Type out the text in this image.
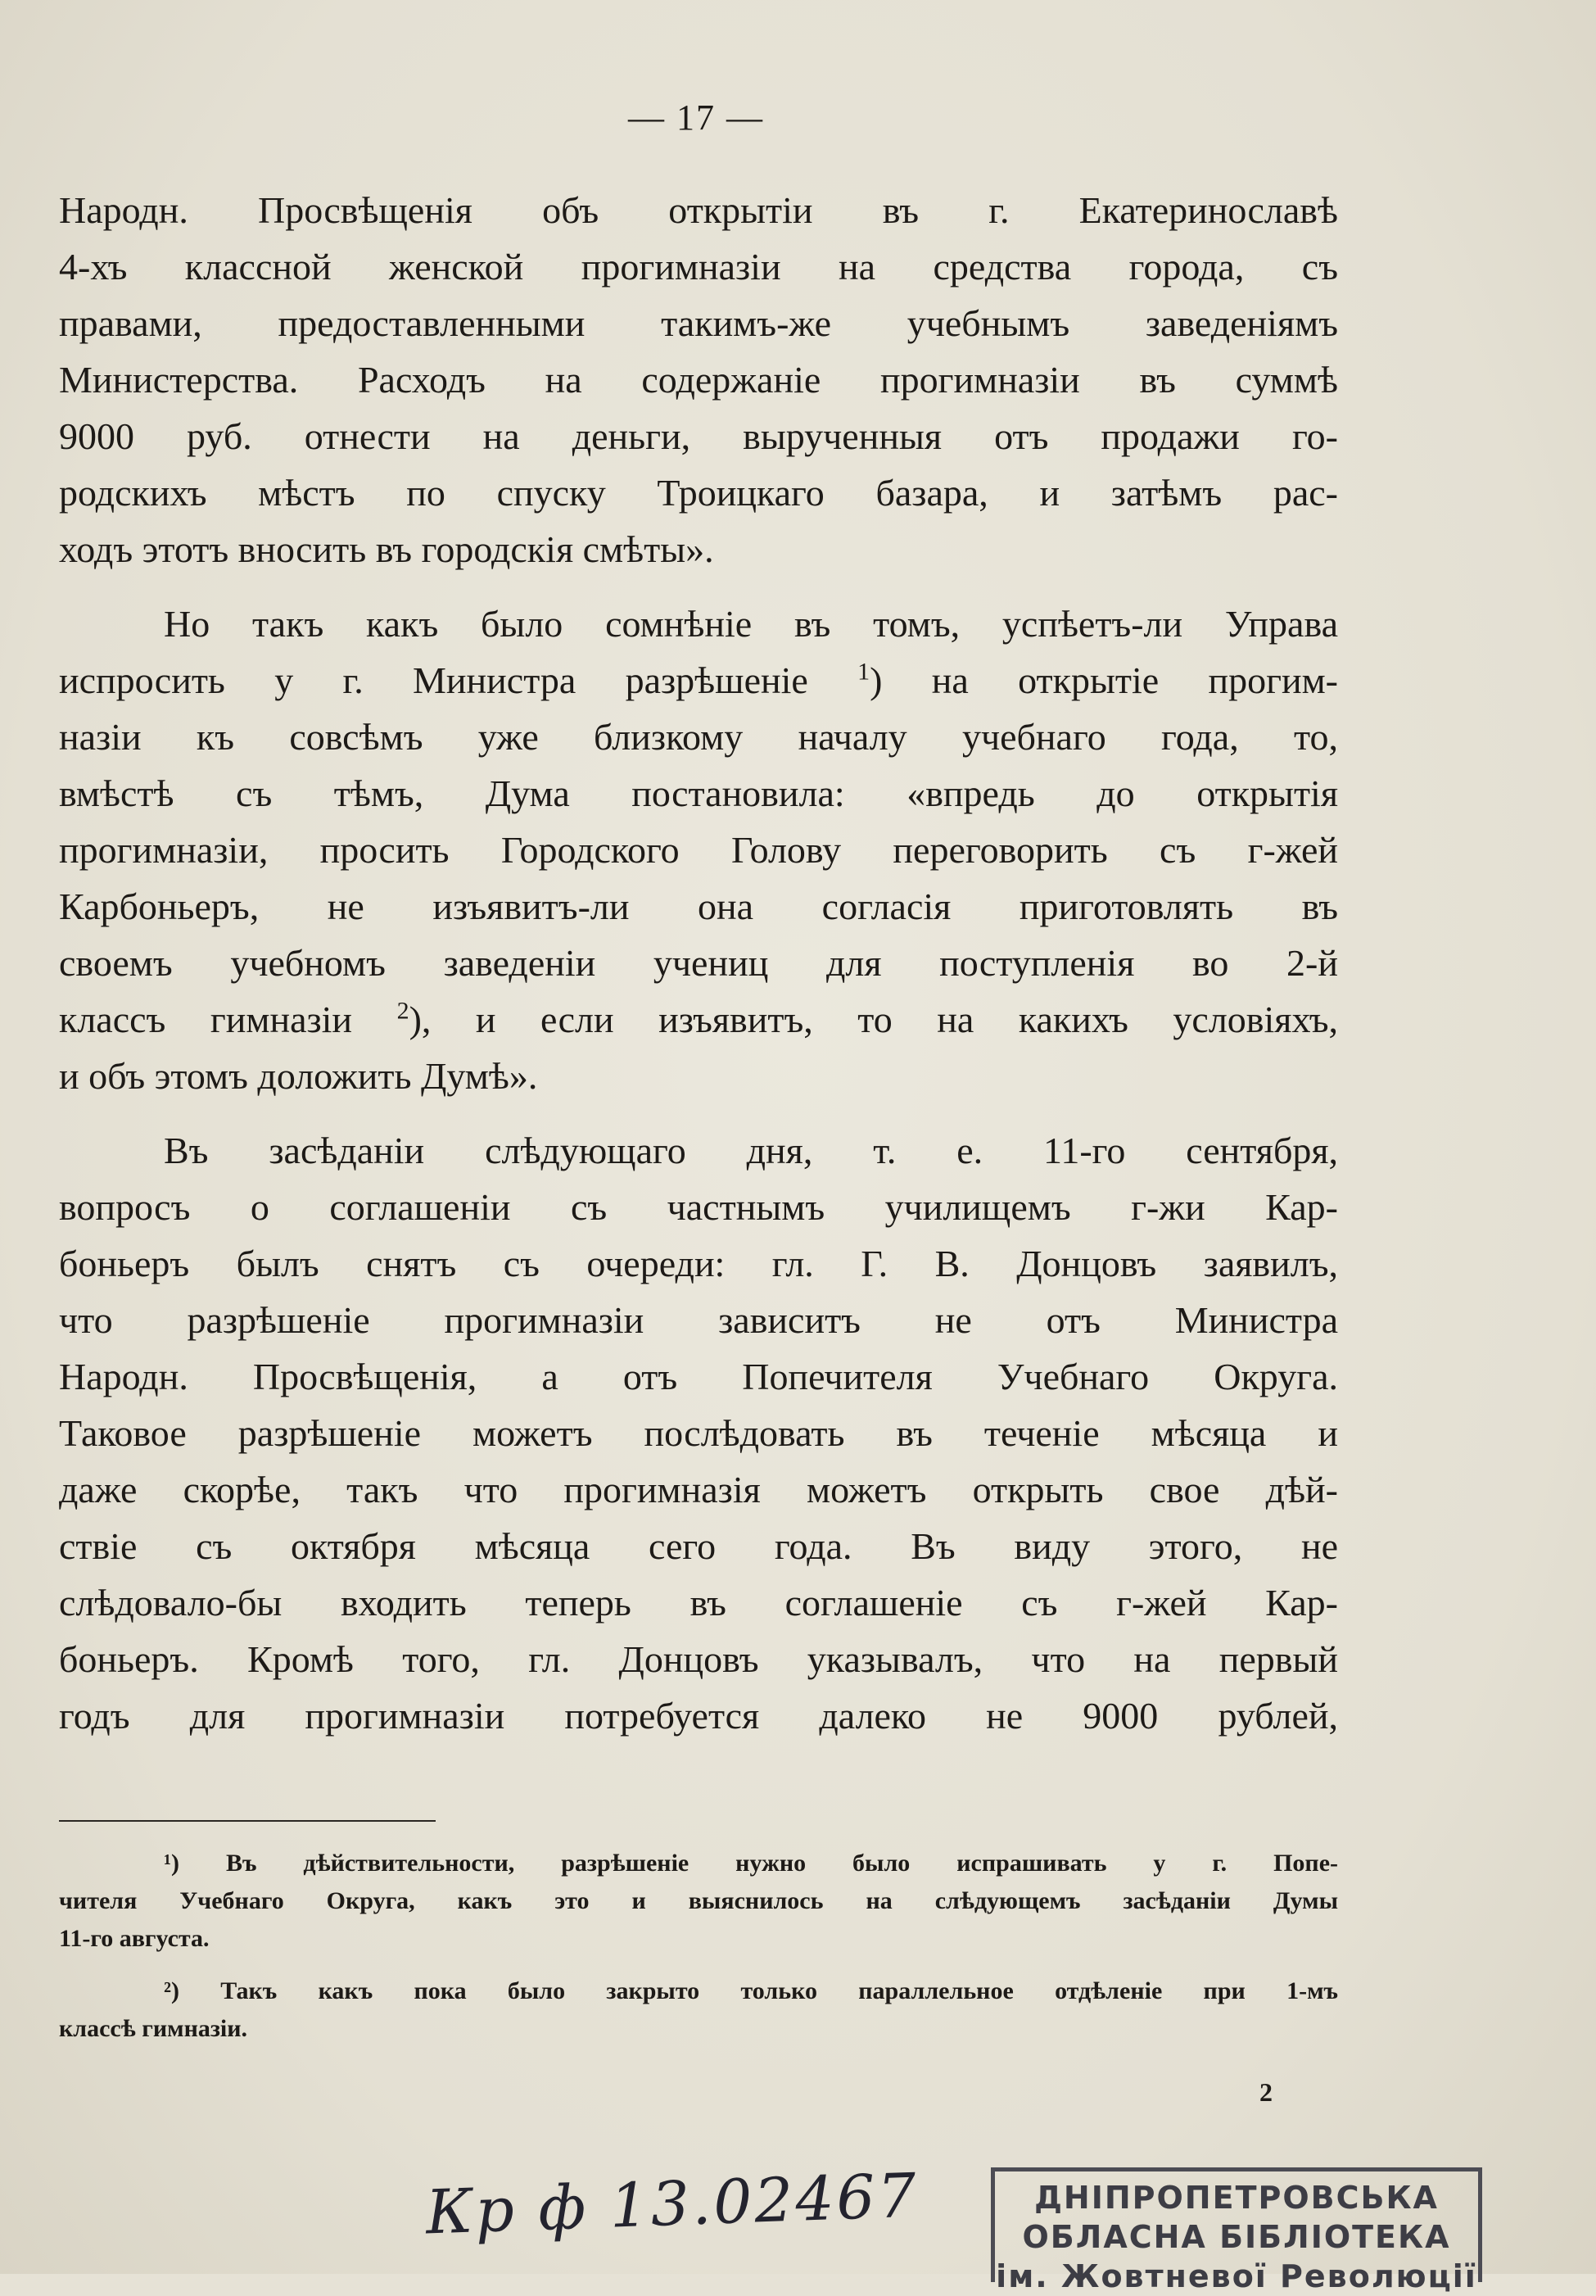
— 17 —
Народн. Просвѣщенія объ открытіи въ г. Екатеринославѣ
4-хъ классной женской прогимназіи на средства города, съ
правами, предоставленными такимъ-же учебнымъ заведеніямъ
Министерства. Расходъ на содержаніе прогимназіи въ суммѣ
9000 руб. отнести на деньги, вырученныя отъ продажи го-
родскихъ мѣстъ по спуску Троицкаго базара, и затѣмъ рас-
ходъ этотъ вносить въ городскія смѣты».
Но такъ какъ было сомнѣніе въ томъ, успѣетъ-ли Управа
испросить у г. Министра разрѣшеніе $^1$) на открытіе прогим-
назіи къ совсѣмъ уже близкому началу учебнаго года, то,
вмѣстѣ съ тѣмъ, Дума постановила: «впредь до открытія
прогимназіи, просить Городского Голову переговорить съ г-жей
Карбоньеръ, не изъявитъ-ли она согласія приготовлять въ
своемъ учебномъ заведеніи учениц для поступленія во 2-й
классъ гимназіи $^2$), и если изъявитъ, то на какихъ условіяхъ,
и объ этомъ доложить Думѣ».
Въ засѣданіи слѣдующаго дня, т. е. 11-го сентября,
вопросъ о соглашеніи съ частнымъ училищемъ г-жи Кар-
боньеръ былъ снятъ съ очереди: гл. Г. В. Донцовъ заявилъ,
что разрѣшеніе прогимназіи зависитъ не отъ Министра
Народн. Просвѣщенія, а отъ Попечителя Учебнаго Округа.
Таковое разрѣшеніе можетъ послѣдовать въ теченіе мѣсяца и
даже скорѣе, такъ что прогимназія можетъ открыть свое дѣй-
ствіе съ октября мѣсяца сего года. Въ виду этого, не
слѣдовало-бы входить теперь въ соглашеніе съ г-жей Кар-
боньеръ. Кромѣ того, гл. Донцовъ указывалъ, что на первый
годъ для прогимназіи потребуется далеко не 9000 рублей,
¹) Въ дѣйствительности, разрѣшеніе нужно было испрашивать у г. Попе-
чителя Учебнаго Округа, какъ это и выяснилось на слѣдующемъ засѣданіи Думы
11-го августа.
²) Такъ какъ пока было закрыто только параллельное отдѣленіе при 1-мъ
классѣ гимназіи.
2
Кр ф 13.02467	ДНІПРОПЕТРОВСЬКА
ОБЛАСНА БІБЛІОТЕКА
ім. Жовтневої Революції
